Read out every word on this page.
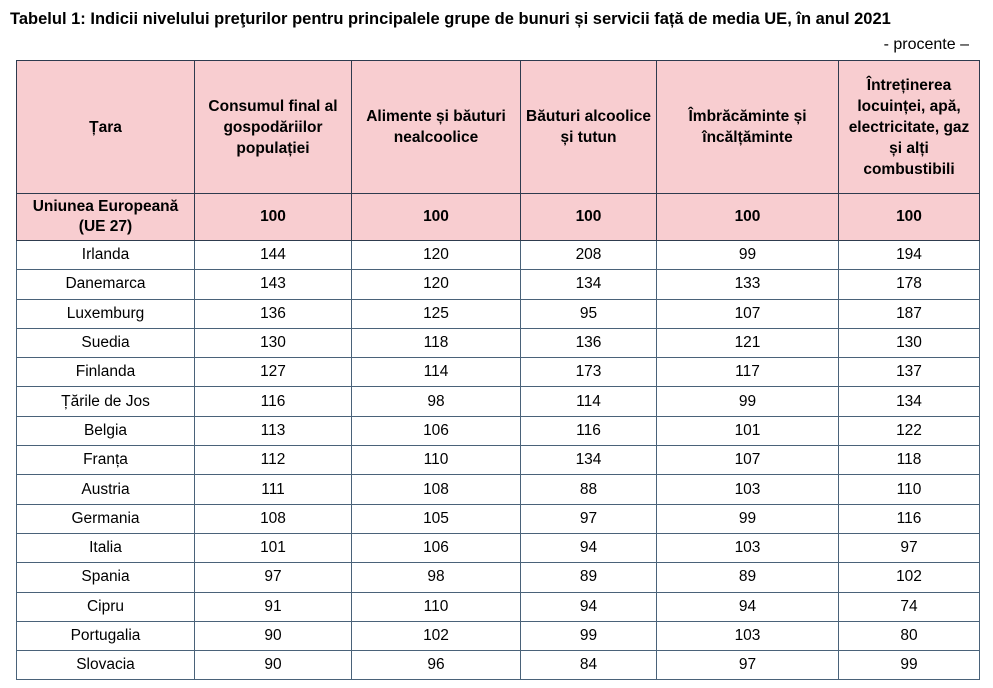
Tabelul 1: Indicii nivelului preţurilor pentru principalele grupe de bunuri și servicii față de media UE, în anul 2021
- procente –
Țara	Consumul final al gospodăriilor populației	Alimente și băuturi nealcoolice	Băuturi alcoolice și tutun	Îmbrăcăminte și încălțăminte	Întreținerea locuinței, apă, electricitate, gaz și alți combustibili
Uniunea Europeană (UE 27)	100	100	100	100	100
Irlanda	144	120	208	99	194
Danemarca	143	120	134	133	178
Luxemburg	136	125	95	107	187
Suedia	130	118	136	121	130
Finlanda	127	114	173	117	137
Țările de Jos	116	98	114	99	134
Belgia	113	106	116	101	122
Franța	112	110	134	107	118
Austria	111	108	88	103	110
Germania	108	105	97	99	116
Italia	101	106	94	103	97
Spania	97	98	89	89	102
Cipru	91	110	94	94	74
Portugalia	90	102	99	103	80
Slovacia	90	96	84	97	99
